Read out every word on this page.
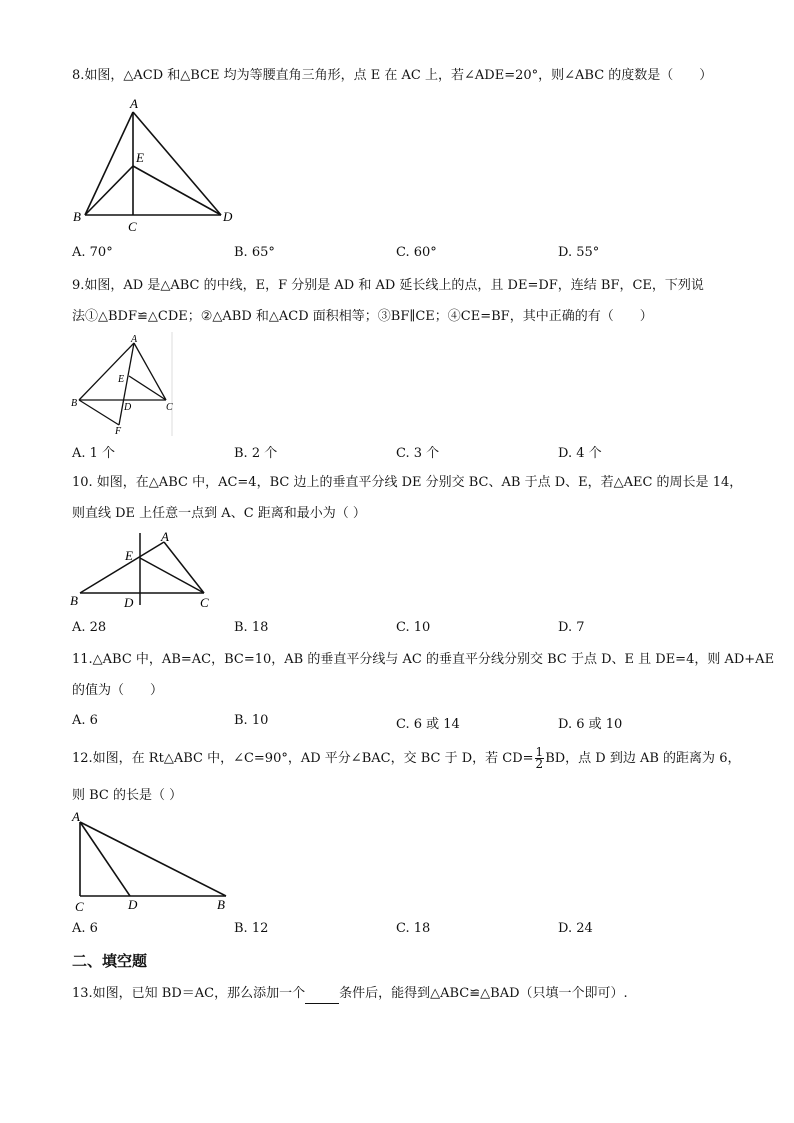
8.如图，△ACD 和△BCE 均为等腰直角三角形，点 E 在 AC 上，若∠ADE=20°，则∠ABC 的度数是（　　）
A
E
B
C
D
A. 70°	B. 65°	C. 60°	D. 55°
9.如图，AD 是△ABC 的中线，E，F 分别是 AD 和 AD 延长线上的点，且 DE=DF，连结 BF，CE，下列说
法①△BDF≌△CDE；②△ABD 和△ACD 面积相等；③BF∥CE；④CE=BF，其中正确的有（　　）
A
E
B	D	C
F
A. 1 个	B. 2 个	C. 3 个	D. 4 个
10. 如图，在△ABC 中，AC=4，BC 边上的垂直平分线 DE 分别交 BC、AB 于点 D、E，若△AEC 的周长是 14，
则直线 DE 上任意一点到 A、C 距离和最小为（ ）
E
A
B	D	C
A. 28	B. 18	C. 10	D. 7
11.△ABC 中，AB=AC，BC=10，AB 的垂直平分线与 AC 的垂直平分线分别交 BC 于点 D、E 且 DE=4，则 AD+AE
的值为（　　）
A. 6	B. 10	C. 6 或 14	D. 6 或 10
12.如图，在 Rt△ABC 中，∠C=90°，AD 平分∠BAC，交 BC 于 D，若 $CD= \frac{1}{2}$ BD，点 D 到边 AB 的距离为 6，
则 BC 的长是（ ）
A
C	D	B
A. 6	B. 12	C. 18	D. 24
二、填空题
13.如图，已知 BD＝AC，那么添加一个	条件后，能得到△ABC≌△BAD（只填一个即可）.
